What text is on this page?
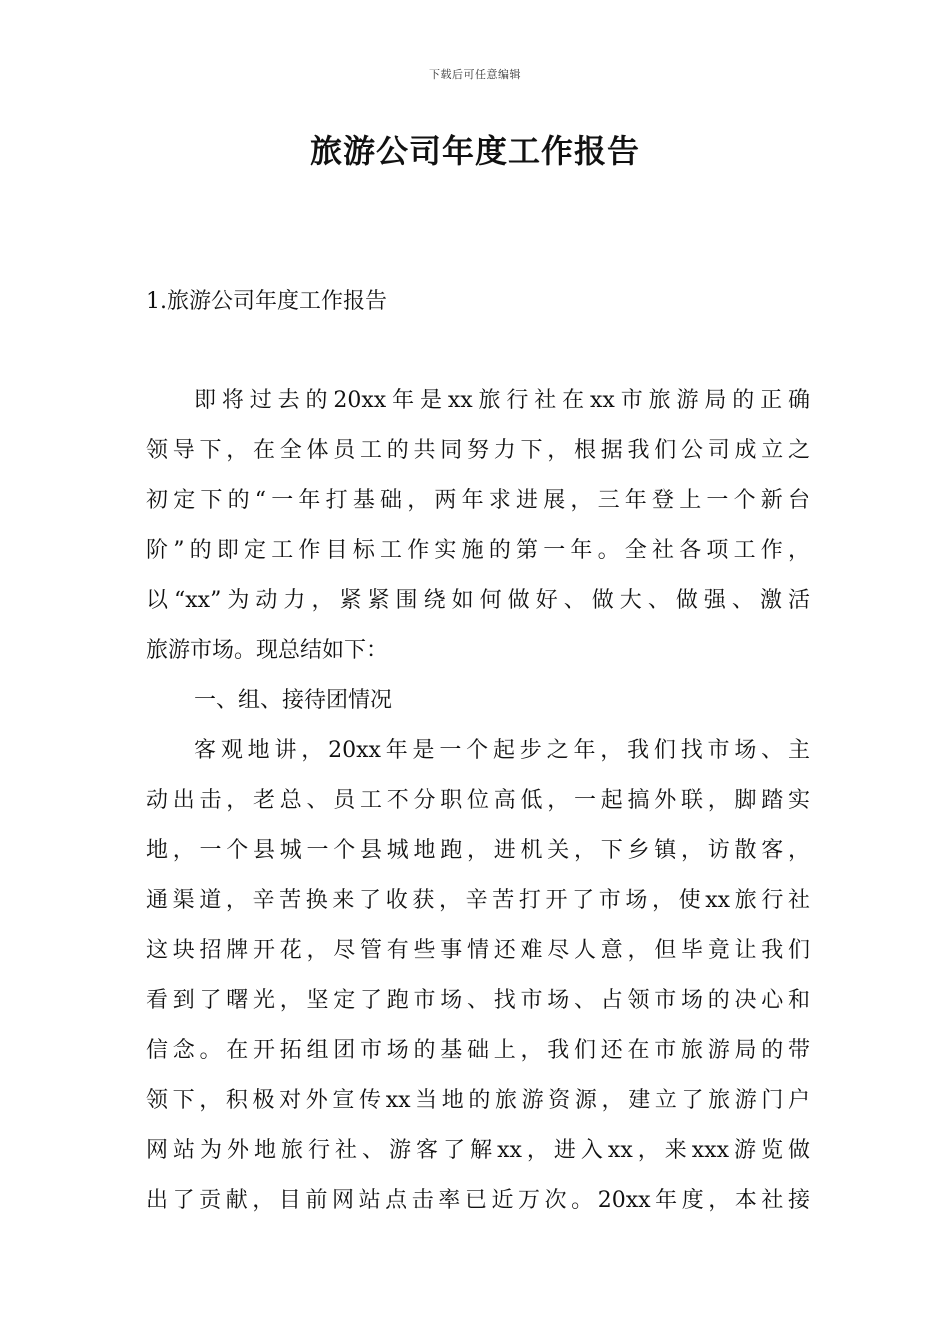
下载后可任意编辑
旅游公司年度工作报告
1.旅游公司年度工作报告
即将过去的20xx年是xx旅行社在xx市旅游局的正确
领导下，在全体员工的共同努力下，根据我们公司成立之
初定下的“一年打基础，两年求进展，三年登上一个新台
阶”的即定工作目标工作实施的第一年。全社各项工作，
以“xx”为动力，紧紧围绕如何做好、做大、做强、激活
旅游市场。现总结如下：
一、组、接待团情况
客观地讲，20xx年是一个起步之年，我们找市场、主
动出击，老总、员工不分职位高低，一起搞外联，脚踏实
地，一个县城一个县城地跑，进机关，下乡镇，访散客，
通渠道，辛苦换来了收获，辛苦打开了市场，使xx旅行社
这块招牌开花，尽管有些事情还难尽人意，但毕竟让我们
看到了曙光，坚定了跑市场、找市场、占领市场的决心和
信念。在开拓组团市场的基础上，我们还在市旅游局的带
领下，积极对外宣传xx当地的旅游资源，建立了旅游门户
网站为外地旅行社、游客了解xx，进入xx，来xxx游览做
出了贡献，目前网站点击率已近万次。20xx年度，本社接
